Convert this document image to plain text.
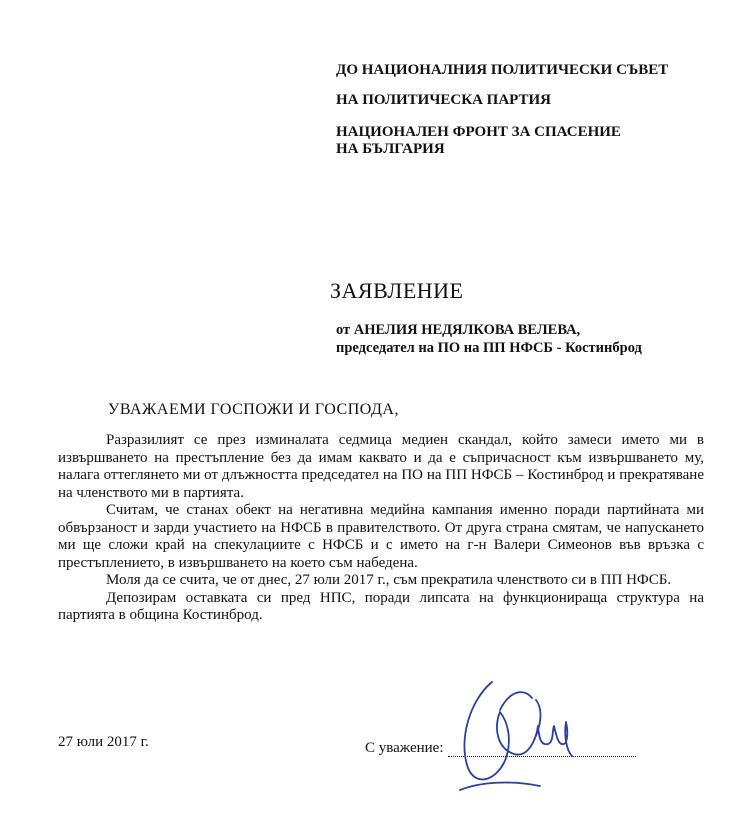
ДО НАЦИОНАЛНИЯ ПОЛИТИЧЕСКИ СЪВЕТ
НА ПОЛИТИЧЕСКА ПАРТИЯ
НАЦИОНАЛЕН ФРОНТ ЗА СПАСЕНИЕ
НА БЪЛГАРИЯ
ЗАЯВЛЕНИЕ
от АНЕЛИЯ НЕДЯЛКОВА ВЕЛЕВА,
председател на ПО на ПП НФСБ - Костинброд
УВАЖАЕМИ ГОСПОЖИ И ГОСПОДА,

Разразилият се през изминалата седмица медиен скандал, който замеси името ми в извършването на престъпление без да имам каквато и да е съпричасност към извършването му, налага оттеглянето ми от длъжността председател на ПО на ПП НФСБ – Костинброд и прекратяване на членството ми в партията.

Считам, че станах обект на негативна медийна кампания именно поради партийната ми обвързаност и зарди участието на НФСБ в правителството. От друга страна смятам, че напускането ми ще сложи край на спекулациите с НФСБ и с името на г-н Валери Симеонов във връзка с престъплението, в извършването на което съм набедена.

Моля да се счита, че от днес, 27 юли 2017 г., съм прекратила членството си в ПП НФСБ.

Депозирам оставката си пред НПС, поради липсата на функциониращa структура на партията в община Костинброд.

27 юли 2017 г.	С уважение:
